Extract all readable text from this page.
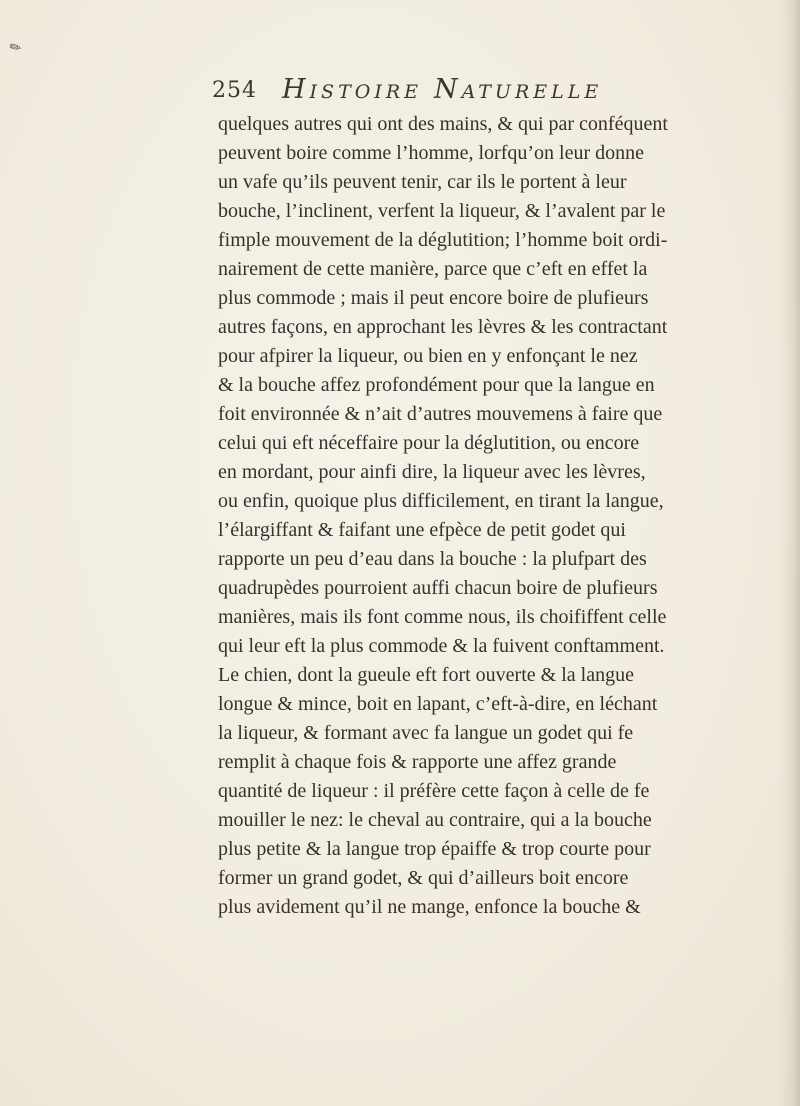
✎
254 HISTOIRE NATURELLE
quelques autres qui ont des mains, & qui par conféquent
peuvent boire comme l’homme, lorfqu’on leur donne
un vafe qu’ils peuvent tenir, car ils le portent à leur
bouche, l’inclinent, verfent la liqueur, & l’avalent par le
fimple mouvement de la déglutition; l’homme boit ordi-
nairement de cette manière, parce que c’eft en effet la
plus commode ; mais il peut encore boire de plufieurs
autres façons, en approchant les lèvres & les contractant
pour afpirer la liqueur, ou bien en y enfonçant le nez
& la bouche affez profondément pour que la langue en
foit environnée & n’ait d’autres mouvemens à faire que
celui qui eft néceffaire pour la déglutition, ou encore
en mordant, pour ainfi dire, la liqueur avec les lèvres,
ou enfin, quoique plus difficilement, en tirant la langue,
l’élargiffant & faifant une efpèce de petit godet qui
rapporte un peu d’eau dans la bouche : la plufpart des
quadrupèdes pourroient auffi chacun boire de plufieurs
manières, mais ils font comme nous, ils choififfent celle
qui leur eft la plus commode & la fuivent conftamment.
Le chien, dont la gueule eft fort ouverte & la langue
longue & mince, boit en lapant, c’eft-à-dire, en léchant
la liqueur, & formant avec fa langue un godet qui fe
remplit à chaque fois & rapporte une affez grande
quantité de liqueur : il préfère cette façon à celle de fe
mouiller le nez: le cheval au contraire, qui a la bouche
plus petite & la langue trop épaiffe & trop courte pour
former un grand godet, & qui d’ailleurs boit encore
plus avidement qu’il ne mange, enfonce la bouche &
